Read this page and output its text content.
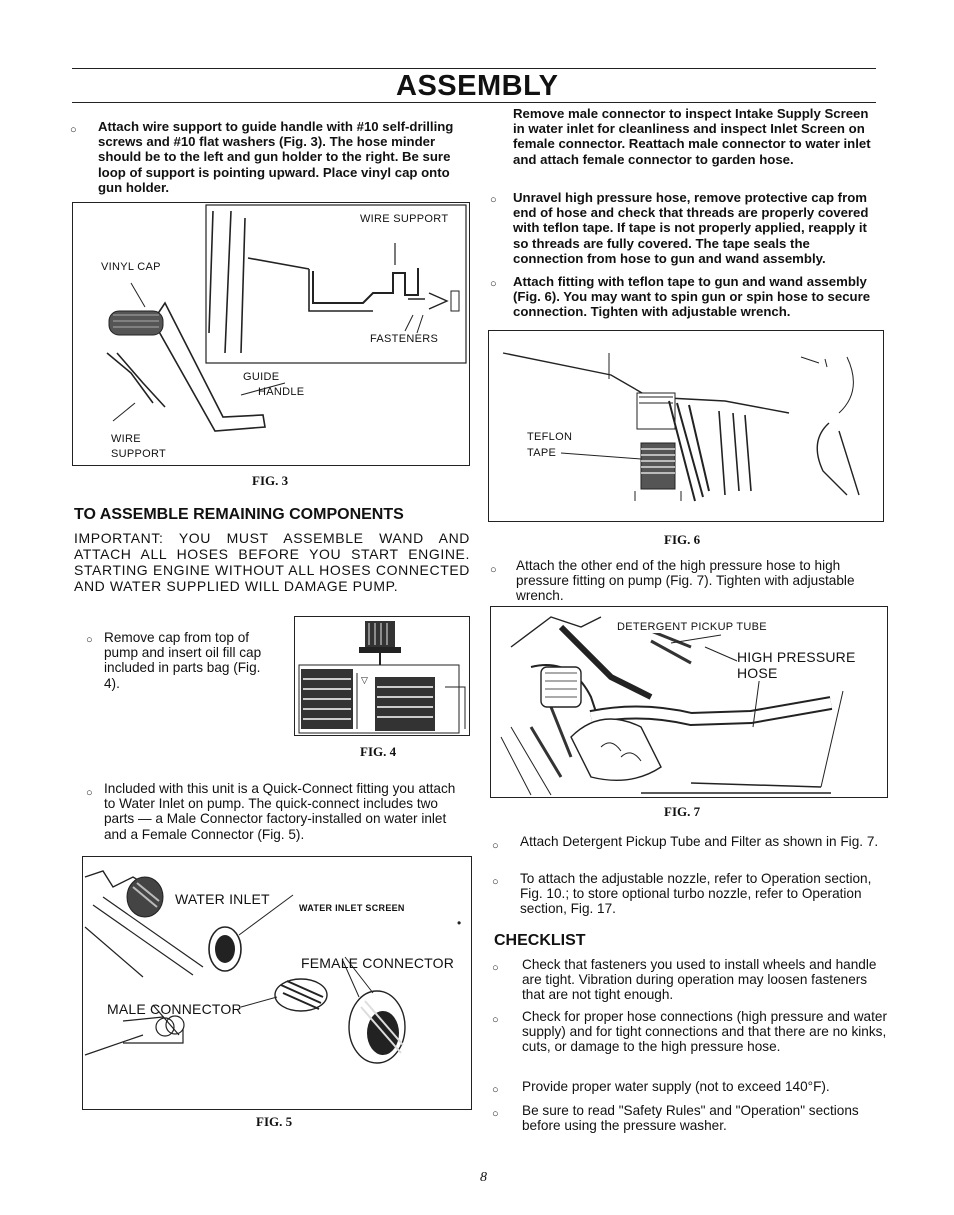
ASSEMBLY
○ Attach wire support to guide handle with #10 self-drilling screws and #10 flat washers (Fig. 3). The hose minder should be to the left and gun holder to the right. Be sure loop of support is pointing upward. Place vinyl cap onto gun holder.
WIRE SUPPORT
VINYL CAP
FASTENERS
GUIDE
HANDLE
WIRE
SUPPORT
FIG. 3
TO ASSEMBLE REMAINING COMPONENTS
IMPORTANT: YOU MUST ASSEMBLE WAND AND ATTACH ALL HOSES BEFORE YOU START ENGINE. STARTING ENGINE WITHOUT ALL HOSES CONNECTED AND WATER SUPPLIED WILL DAMAGE PUMP.
○ Remove cap from top of pump and insert oil fill cap included in parts bag (Fig. 4).	▽
FIG. 4
○ Included with this unit is a Quick-Connect fitting you attach to Water Inlet on pump. The quick-connect includes two parts — a Male Connector factory-installed on water inlet and a Female Connector (Fig. 5).
•
WATER INLET
WATER INLET SCREEN
FEMALE CONNECTOR
MALE CONNECTOR
FIG. 5
Remove male connector to inspect Intake Supply Screen in water inlet for cleanliness and inspect Inlet Screen on female connector. Reattach male connector to water inlet and attach female connector to garden hose.
○ Unravel high pressure hose, remove protective cap from end of hose and check that threads are properly covered with teflon tape. If tape is not properly applied, reapply it so threads are fully covered. The tape seals the connection from hose to gun and wand assembly.
○ Attach fitting with teflon tape to gun and wand assembly (Fig. 6). You may want to spin gun or spin hose to secure connection. Tighten with adjustable wrench.
TEFLON
TAPE
FIG. 6
○ Attach the other end of the high pressure hose to high pressure fitting on pump (Fig. 7). Tighten with adjustable wrench.
DETERGENT PICKUP TUBE
HIGH PRESSURE
HOSE
FIG. 7
○ Attach Detergent Pickup Tube and Filter as shown in Fig. 7.
○ To attach the adjustable nozzle, refer to Operation section, Fig. 10.; to store optional turbo nozzle, refer to Operation section, Fig. 17.
CHECKLIST
○ Check that fasteners you used to install wheels and handle are tight. Vibration during operation may loosen fasteners that are not tight enough.
○ Check for proper hose connections (high pressure and water supply) and for tight connections and that there are no kinks, cuts, or damage to the high pressure hose.
○ Provide proper water supply (not to exceed 140°F).
○ Be sure to read "Safety Rules" and "Operation" sections before using the pressure washer.
8
